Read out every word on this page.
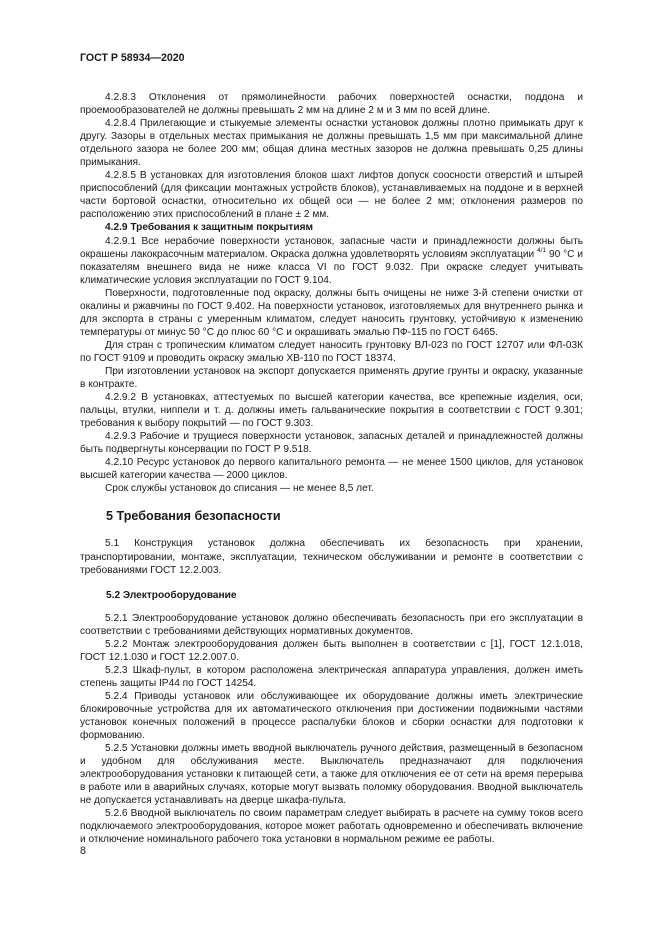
ГОСТ Р 58934—2020

4.2.8.3 Отклонения от прямолинейности рабочих поверхностей оснастки, поддона и проемообразователей не должны превышать 2 мм на длине 2 м и 3 мм по всей длине.

4.2.8.4 Прилегающие и стыкуемые элементы оснастки установок должны плотно примыкать друг к другу. Зазоры в отдельных местах примыкания не должны превышать 1,5 мм при максимальной длине отдельного зазора не более 200 мм; общая длина местных зазоров не должна превышать 0,25 длины примыкания.

4.2.8.5 В установках для изготовления блоков шахт лифтов допуск соосности отверстий и штырей приспособлений (для фиксации монтажных устройств блоков), устанавливаемых на поддоне и в верхней части бортовой оснастки, относительно их общей оси — не более 2 мм; отклонения размеров по расположению этих приспособлений в плане ± 2 мм.

4.2.9 Требования к защитным покрытиям

4.2.9.1 Все нерабочие поверхности установок, запасные части и принадлежности должны быть окрашены лакокрасочным материалом. Окраска должна удовлетворять условиям эксплуатации $^{4/1}$ 90 °С и показателям внешнего вида не ниже класса VI по ГОСТ 9.032. При окраске следует учитывать климатические условия эксплуатации по ГОСТ 9.104.

Поверхности, подготовленные под окраску, должны быть очищены не ниже 3-й степени очистки от окалины и ржавчины по ГОСТ 9.402. На поверхности установок, изготовляемых для внутреннего рынка и для экспорта в страны с умеренным климатом, следует наносить грунтовку, устойчивую к изменению температуры от минус 50 °С до плюс 60 °С и окрашивать эмалью ПФ-115 по ГОСТ 6465.

Для стран с тропическим климатом следует наносить грунтовку ВЛ-023 по ГОСТ 12707 или ФЛ-03К по ГОСТ 9109 и проводить окраску эмалью ХВ-110 по ГОСТ 18374.

При изготовлении установок на экспорт допускается применять другие грунты и окраску, указанные в контракте.

4.2.9.2 В установках, аттестуемых по высшей категории качества, все крепежные изделия, оси, пальцы, втулки, ниппели и т. д. должны иметь гальванические покрытия в соответствии с ГОСТ 9.301; требования к выбору покрытий — по ГОСТ 9.303.

4.2.9.3 Рабочие и трущиеся поверхности установок, запасных деталей и принадлежностей должны быть подвергнуты консервации по ГОСТ Р 9.518.

4.2.10 Ресурс установок до первого капитального ремонта — не менее 1500 циклов, для установок высшей категории качества — 2000 циклов.

Срок службы установок до списания — не менее 8,5 лет.

5 Требования безопасности

5.1 Конструкция установок должна обеспечивать их безопасность при хранении, транспортировании, монтаже, эксплуатации, техническом обслуживании и ремонте в соответствии с требованиями ГОСТ 12.2.003.

5.2 Электрооборудование

5.2.1 Электрооборудование установок должно обеспечивать безопасность при его эксплуатации в соответствии с требованиями действующих нормативных документов.

5.2.2 Монтаж электрооборудования должен быть выполнен в соответствии с [1], ГОСТ 12.1.018, ГОСТ 12.1.030 и ГОСТ 12.2.007.0.

5.2.3 Шкаф-пульт, в котором расположена электрическая аппаратура управления, должен иметь степень защиты IP44 по ГОСТ 14254.

5.2.4 Приводы установок или обслуживающее их оборудование должны иметь электрические блокировочные устройства для их автоматического отключения при достижении подвижными частями установок конечных положений в процессе распалубки блоков и сборки оснастки для подготовки к формованию.

5.2.5 Установки должны иметь вводной выключатель ручного действия, размещенный в безопасном и удобном для обслуживания месте. Выключатель предназначают для подключения электрооборудования установки к питающей сети, а также для отключения ее от сети на время перерыва в работе или в аварийных случаях, которые могут вызвать поломку оборудования. Вводной выключатель не допускается устанавливать на дверце шкафа-пульта.

5.2.6 Вводной выключатель по своим параметрам следует выбирать в расчете на сумму токов всего подключаемого электрооборудования, которое может работать одновременно и обеспечивать включение и отключение номинального рабочего тока установки в нормальном режиме ее работы.

8
